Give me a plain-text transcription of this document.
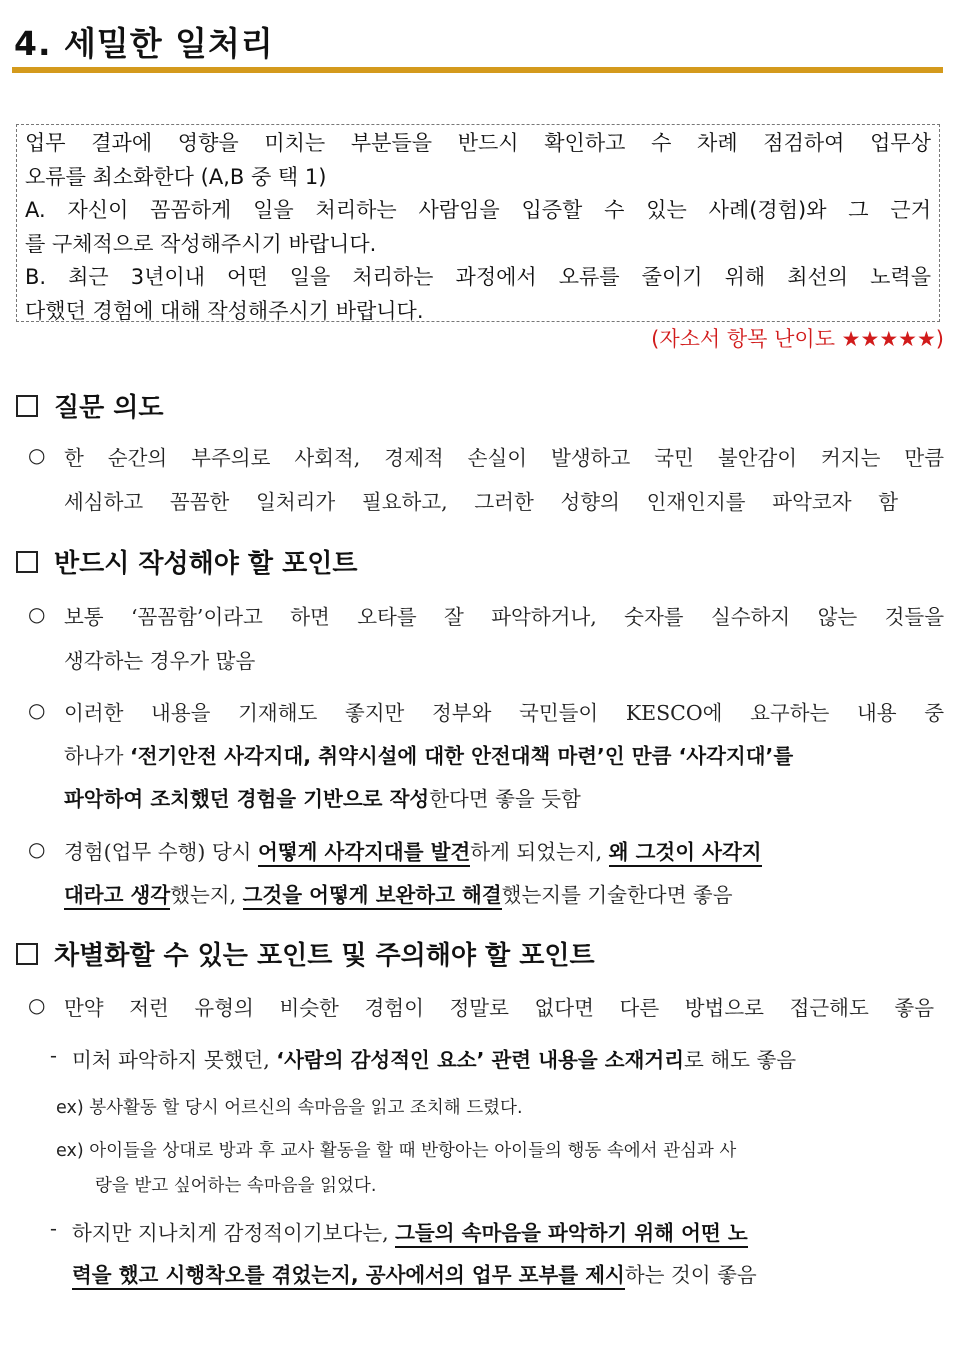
4. 세밀한 일처리
업무 결과에 영향을 미치는 부분들을 반드시 확인하고 수 차례 점검하여 업무상
오류를 최소화한다 (A,B 중 택 1)
A. 자신이 꼼꼼하게 일을 처리하는 사람임을 입증할 수 있는 사례(경험)와 그 근거
를 구체적으로 작성해주시기 바랍니다.
B. 최근 3년이내 어떤 일을 처리하는 과정에서 오류를 줄이기 위해 최선의 노력을
다했던 경험에 대해 작성해주시기 바랍니다.
(자소서 항목 난이도 ★★★★★)
질문 의도
○ 한 순간의 부주의로 사회적, 경제적 손실이 발생하고 국민 불안감이 커지는 만큼
세심하고 꼼꼼한 일처리가 필요하고, 그러한 성향의 인재인지를 파악코자 함
반드시 작성해야 할 포인트
○ 보통 ‘꼼꼼함’이라고 하면 오타를 잘 파악하거나, 숫자를 실수하지 않는 것들을
생각하는 경우가 많음
○ 이러한 내용을 기재해도 좋지만 정부와 국민들이 KESCO에 요구하는 내용 중
하나가 ‘전기안전 사각지대, 취약시설에 대한 안전대책 마련’인 만큼 ‘사각지대’를
파악하여 조치했던 경험을 기반으로 작성한다면 좋을 듯함
○ 경험(업무 수행) 당시 어떻게 사각지대를 발견하게 되었는지, 왜 그것이 사각지
대라고 생각했는지, 그것을 어떻게 보완하고 해결했는지를 기술한다면 좋음
차별화할 수 있는 포인트 및 주의해야 할 포인트
○ 만약 저런 유형의 비슷한 경험이 정말로 없다면 다른 방법으로 접근해도 좋음
- 미처 파악하지 못했던, ‘사람의 감성적인 요소’ 관련 내용을 소재거리로 해도 좋음
ex) 봉사활동 할 당시 어르신의 속마음을 읽고 조치해 드렸다.
ex) 아이들을 상대로 방과 후 교사 활동을 할 때 반항아는 아이들의 행동 속에서 관심과 사
랑을 받고 싶어하는 속마음을 읽었다.
- 하지만 지나치게 감정적이기보다는, 그들의 속마음을 파악하기 위해 어떤 노
력을 했고 시행착오를 겪었는지, 공사에서의 업무 포부를 제시하는 것이 좋음
